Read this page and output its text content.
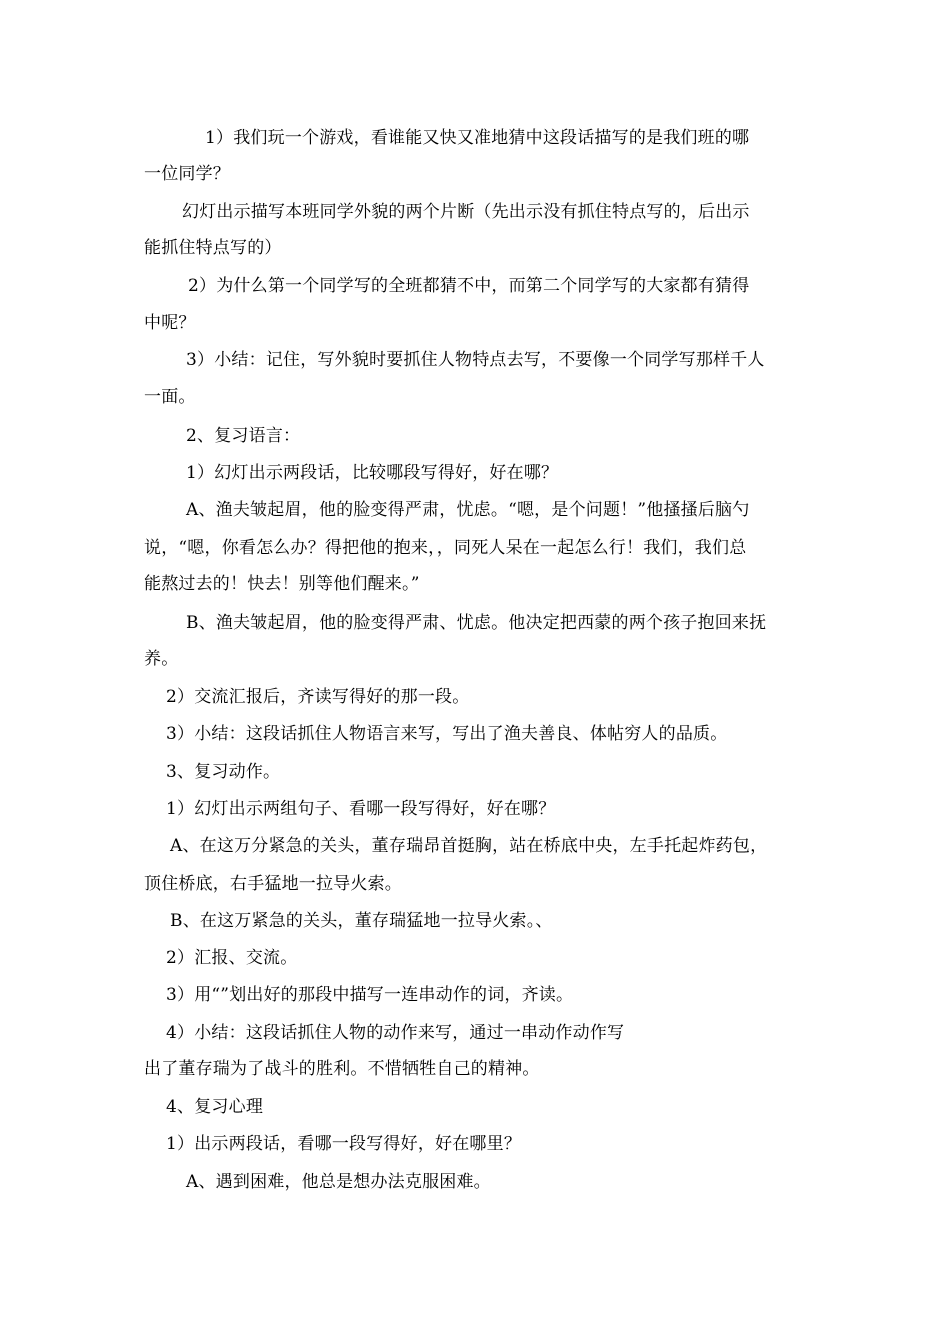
1）我们玩一个游戏，看谁能又快又准地猜中这段话描写的是我们班的哪
一位同学？
幻灯出示描写本班同学外貌的两个片断（先出示没有抓住特点写的，后出示
能抓住特点写的）
2）为什么第一个同学写的全班都猜不中，而第二个同学写的大家都有猜得
中呢？
3）小结：记住，写外貌时要抓住人物特点去写，不要像一个同学写那样千人
一面。
2、复习语言：
1）幻灯出示两段话，比较哪段写得好，好在哪？
A、渔夫皱起眉，他的脸变得严肃，忧虑。“嗯，是个问题！”他搔搔后脑勺
说，“嗯，你看怎么办？得把他的抱来，，同死人呆在一起怎么行！我们，我们总
能熬过去的！快去！别等他们醒来。”
B、渔夫皱起眉，他的脸变得严肃、忧虑。他决定把西蒙的两个孩子抱回来抚
养。
2）交流汇报后，齐读写得好的那一段。
3）小结：这段话抓住人物语言来写，写出了渔夫善良、体帖穷人的品质。
3、复习动作。
1）幻灯出示两组句子、看哪一段写得好，好在哪？
A、在这万分紧急的关头，董存瑞昂首挺胸，站在桥底中央，左手托起炸药包，
顶住桥底，右手猛地一拉导火索。
B、在这万紧急的关头，董存瑞猛地一拉导火索。、
2）汇报、交流。
3）用“”划出好的那段中描写一连串动作的词，齐读。
4）小结：这段话抓住人物的动作来写，通过一串动作动作写
出了董存瑞为了战斗的胜利。不惜牺牲自己的精神。
4、复习心理
1）出示两段话，看哪一段写得好，好在哪里？
A、遇到困难，他总是想办法克服困难。
